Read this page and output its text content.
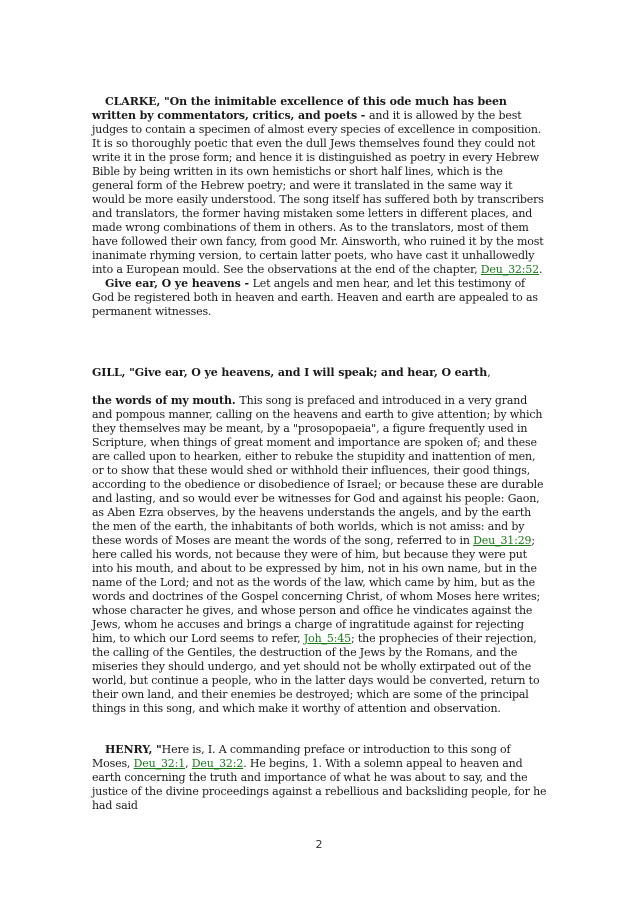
CLARKE, "On the inimitable excellence of this ode much has been written by commentators, critics, and poets - and it is allowed by the best judges to contain a specimen of almost every species of excellence in composition. It is so thoroughly poetic that even the dull Jews themselves found they could not write it in the prose form; and hence it is distinguished as poetry in every Hebrew Bible by being written in its own hemistichs or short half lines, which is the general form of the Hebrew poetry; and were it translated in the same way it would be more easily understood. The song itself has suffered both by transcribers and translators, the former having mistaken some letters in different places, and made wrong combinations of them in others. As to the translators, most of them have followed their own fancy, from good Mr. Ainsworth, who ruined it by the most inanimate rhyming version, to certain latter poets, who have cast it unhallowedly into a European mould. See the observations at the end of the chapter, Deu_32:52.

Give ear, O ye heavens - Let angels and men hear, and let this testimony of God be registered both in heaven and earth. Heaven and earth are appealed to as permanent witnesses.

GILL, "Give ear, O ye heavens, and I will speak; and hear, O earth,

the words of my mouth. This song is prefaced and introduced in a very grand and pompous manner, calling on the heavens and earth to give attention; by which they themselves may be meant, by a "prosopopaeia", a figure frequently used in Scripture, when things of great moment and importance are spoken of; and these are called upon to hearken, either to rebuke the stupidity and inattention of men, or to show that these would shed or withhold their influences, their good things, according to the obedience or disobedience of Israel; or because these are durable and lasting, and so would ever be witnesses for God and against his people: Gaon, as Aben Ezra observes, by the heavens understands the angels, and by the earth the men of the earth, the inhabitants of both worlds, which is not amiss: and by these words of Moses are meant the words of the song, referred to in Deu_31:29; here called his words, not because they were of him, but because they were put into his mouth, and about to be expressed by him, not in his own name, but in the name of the Lord; and not as the words of the law, which came by him, but as the words and doctrines of the Gospel concerning Christ, of whom Moses here writes; whose character he gives, and whose person and office he vindicates against the Jews, whom he accuses and brings a charge of ingratitude against for rejecting him, to which our Lord seems to refer, Joh_5:45; the prophecies of their rejection, the calling of the Gentiles, the destruction of the Jews by the Romans, and the miseries they should undergo, and yet should not be wholly extirpated out of the world, but continue a people, who in the latter days would be converted, return to their own land, and their enemies be destroyed; which are some of the principal things in this song, and which make it worthy of attention and observation.

HENRY, "Here is, I. A commanding preface or introduction to this song of Moses, Deu_32:1, Deu_32:2. He begins, 1. With a solemn appeal to heaven and earth concerning the truth and importance of what he was about to say, and the justice of the divine proceedings against a rebellious and backsliding people, for he had said

2
